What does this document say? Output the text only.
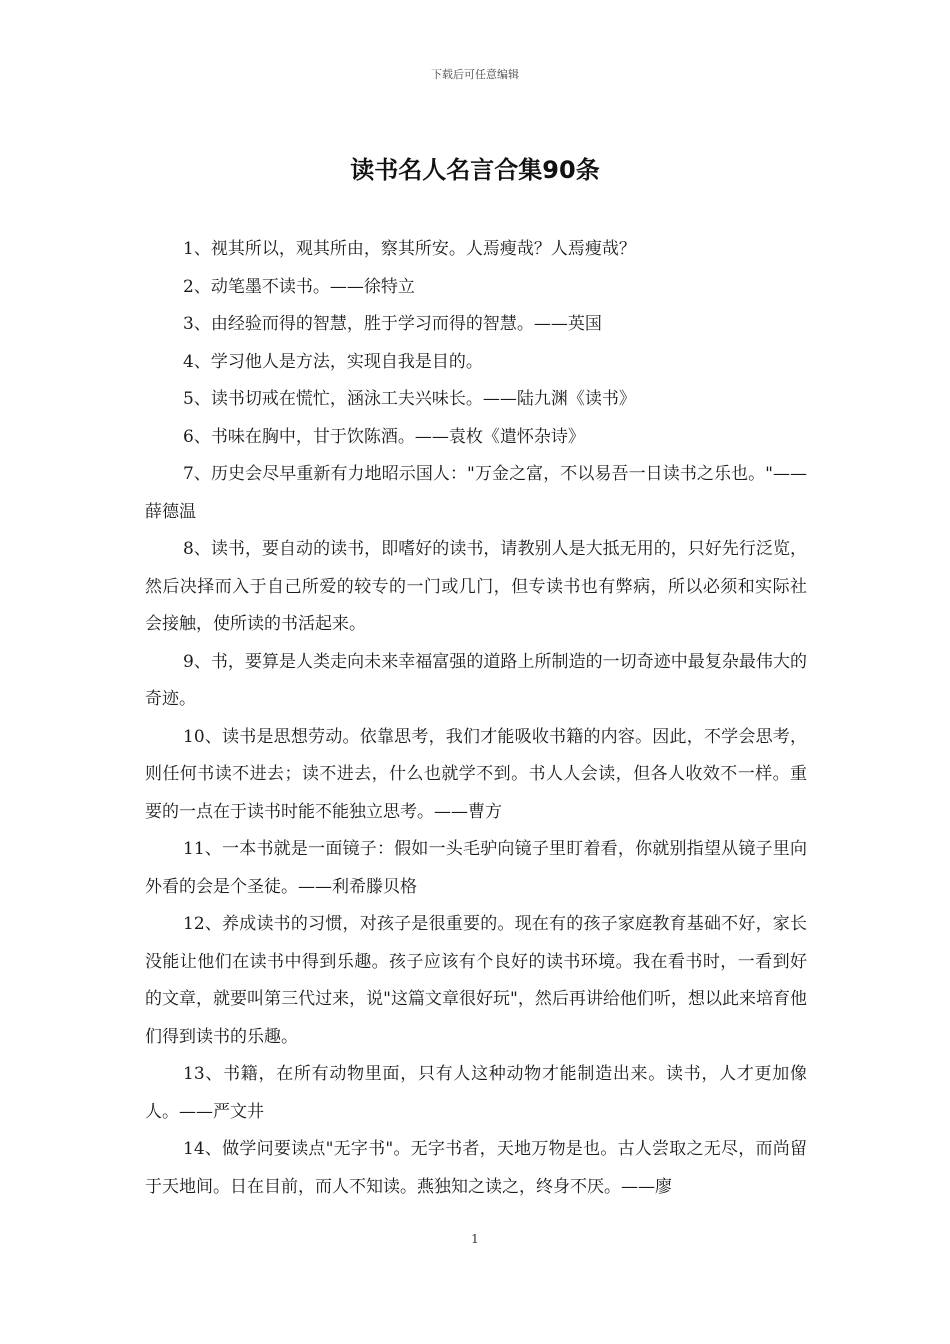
下载后可任意编辑
读书名人名言合集90条

1、视其所以，观其所由，察其所安。人焉瘦哉？人焉瘦哉？

2、动笔墨不读书。——徐特立

3、由经验而得的智慧，胜于学习而得的智慧。——英国

4、学习他人是方法，实现自我是目的。

5、读书切戒在慌忙，涵泳工夫兴味长。——陆九渊《读书》

6、书味在胸中，甘于饮陈酒。——袁枚《遣怀杂诗》

7、历史会尽早重新有力地昭示国人："万金之富，不以易吾一日读书之乐也。"——薛德温

8、读书，要自动的读书，即嗜好的读书，请教别人是大抵无用的，只好先行泛览，然后决择而入于自己所爱的较专的一门或几门，但专读书也有弊病，所以必须和实际社会接触，使所读的书活起来。

9、书，要算是人类走向未来幸福富强的道路上所制造的一切奇迹中最复杂最伟大的奇迹。

10、读书是思想劳动。依靠思考，我们才能吸收书籍的内容。因此，不学会思考，则任何书读不进去；读不进去，什么也就学不到。书人人会读，但各人收效不一样。重要的一点在于读书时能不能独立思考。——曹方

11、一本书就是一面镜子：假如一头毛驴向镜子里盯着看，你就别指望从镜子里向外看的会是个圣徒。——利希滕贝格

12、养成读书的习惯，对孩子是很重要的。现在有的孩子家庭教育基础不好，家长没能让他们在读书中得到乐趣。孩子应该有个良好的读书环境。我在看书时，一看到好的文章，就要叫第三代过来，说"这篇文章很好玩"，然后再讲给他们听，想以此来培育他们得到读书的乐趣。

13、书籍，在所有动物里面，只有人这种动物才能制造出来。读书，人才更加像人。——严文井

14、做学问要读点"无字书"。无字书者，天地万物是也。古人尝取之无尽，而尚留于天地间。日在目前，而人不知读。燕独知之读之，终身不厌。——廖

1
